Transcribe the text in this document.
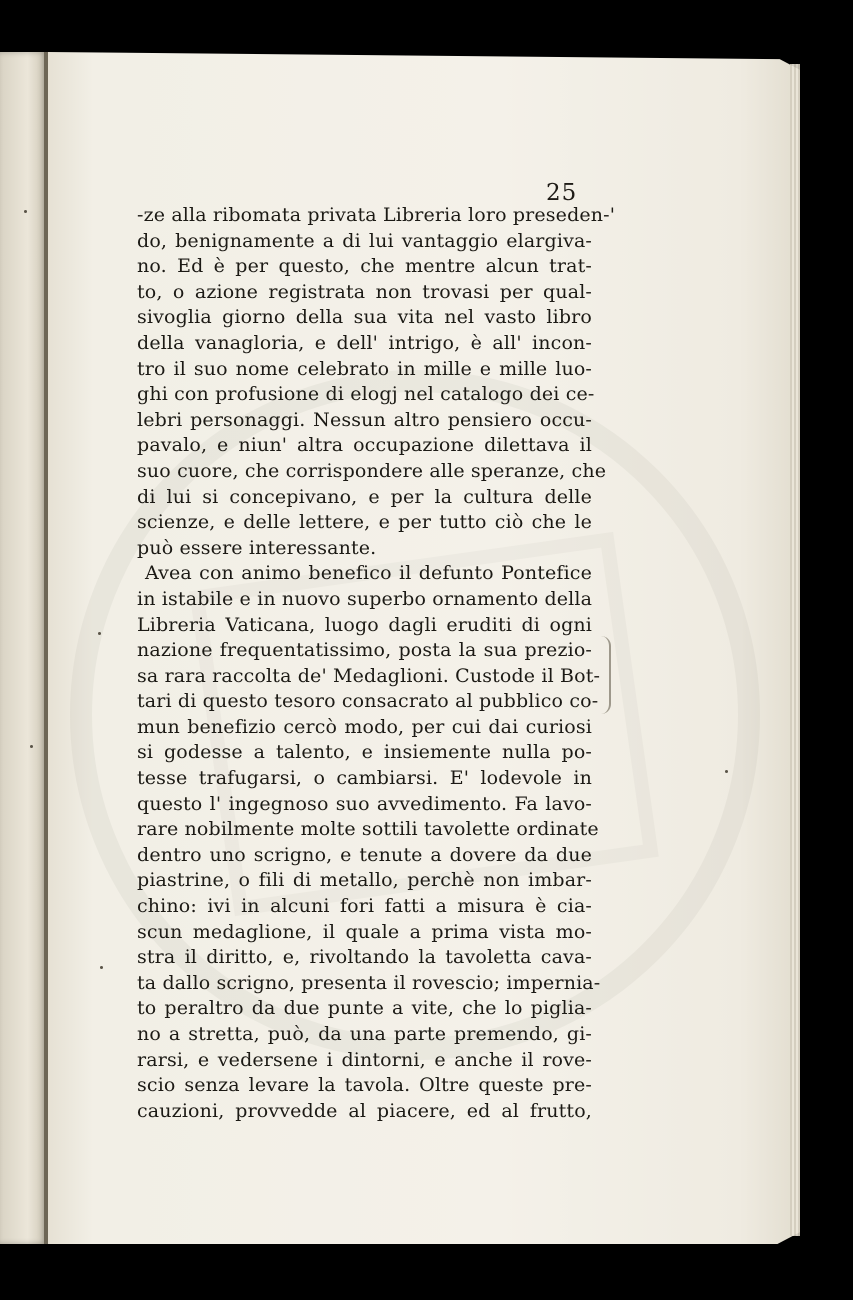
25
-ze alla ribomata privata Libreria loro preseden-'
do, benignamente a di lui vantaggio elargiva-
no. Ed è per questo, che mentre alcun trat-
to, o azione registrata non trovasi per qual-
sivoglia giorno della sua vita nel vasto libro
della vanagloria, e dell' intrigo, è all' incon-
tro il suo nome celebrato in mille e mille luo-
ghi con profusione di elogj nel catalogo dei ce-
lebri personaggi. Nessun altro pensiero occu-
pavalo, e niun' altra occupazione dilettava il
suo cuore, che corrispondere alle speranze, che
di lui si concepivano, e per la cultura delle
scienze, e delle lettere, e per tutto ciò che le
può essere interessante.
Avea con animo benefico il defunto Pontefice
in istabile e in nuovo superbo ornamento della
Libreria Vaticana, luogo dagli eruditi di ogni
nazione frequentatissimo, posta la sua prezio-
sa rara raccolta de' Medaglioni. Custode il Bot-
tari di questo tesoro consacrato al pubblico co-
mun benefizio cercò modo, per cui dai curiosi
si godesse a talento, e insiemente nulla po-
tesse trafugarsi, o cambiarsi. E' lodevole in
questo l' ingegnoso suo avvedimento. Fa lavo-
rare nobilmente molte sottili tavolette ordinate
dentro uno scrigno, e tenute a dovere da due
piastrine, o fili di metallo, perchè non imbar-
chino: ivi in alcuni fori fatti a misura è cia-
scun medaglione, il quale a prima vista mo-
stra il diritto, e, rivoltando la tavoletta cava-
ta dallo scrigno, presenta il rovescio; imperniа-
to peraltro da due punte a vite, che lo piglia-
no a stretta, può, da una parte premendo, gi-
rarsi, e vedersene i dintorni, e anche il rove-
scio senza levare la tavola. Oltre queste pre-
cauzioni, provvedde al piacere, ed al frutto,
